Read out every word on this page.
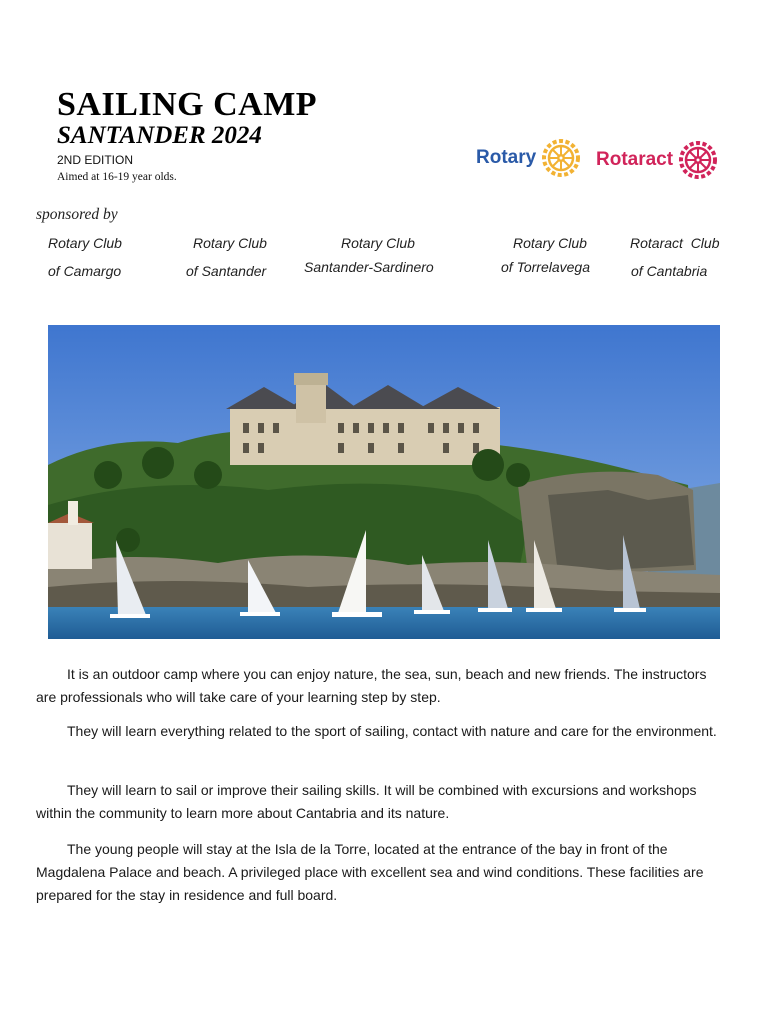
SAILING CAMP
SANTANDER 2024
2ND EDITION
Aimed at 16-19 year olds.
Rotary	Rotaract
sponsored by
Rotary Club
of Camargo
Rotary Club
of Santander
Rotary Club
Santander-Sardinero
Rotary Club
of Torrelavega
Rotaract  Club
of Cantabria

It is an outdoor camp where you can enjoy nature, the sea, sun, beach and new friends. The instructors are professionals who will take care of your learning step by step.

They will learn everything related to the sport of sailing, contact with nature and care for the environment.

They will learn to sail or improve their sailing skills. It will be combined with excursions and workshops within the community to learn more about Cantabria and its nature.

The young people will stay at the Isla de la Torre, located at the entrance of the bay in front of the Magdalena Palace and beach. A privileged place with excellent sea and wind conditions. These facilities are prepared for the stay in residence and full board.
